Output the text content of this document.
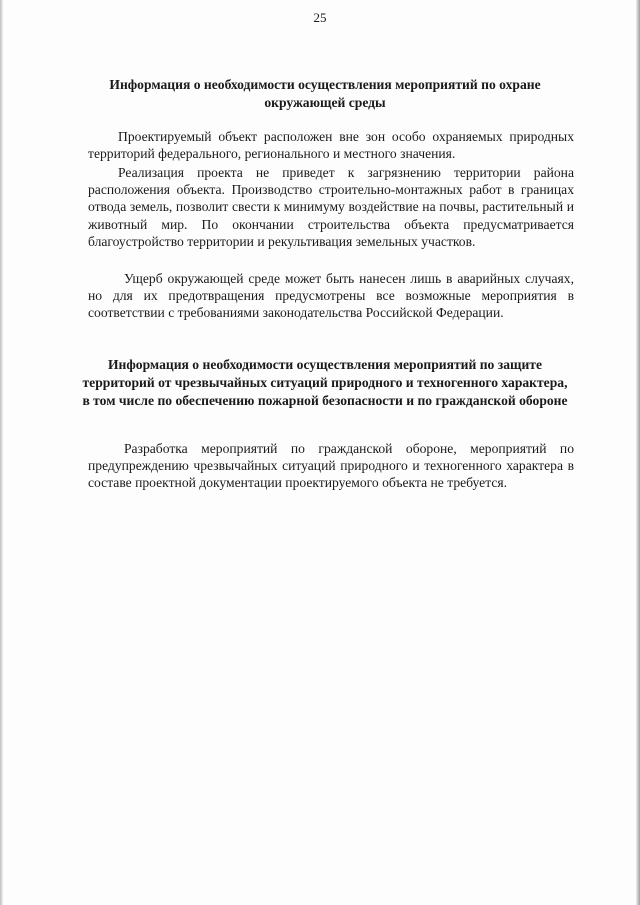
25
Информация о необходимости осуществления мероприятий по охране окружающей среды
Проектируемый объект расположен вне зон особо охраняемых природных территорий федерального, регионального и местного значения.
Реализация проекта не приведет к загрязнению территории района расположения объекта. Производство строительно-монтажных работ в границах отвода земель, позволит свести к минимуму воздействие на почвы, растительный и животный мир. По окончании строительства объекта предусматривается благоустройство территории и рекультивация земельных участков.
Ущерб окружающей среде может быть нанесен лишь в аварийных случаях, но для их предотвращения предусмотрены все возможные мероприятия в соответствии с требованиями законодательства Российской Федерации.
Информация о необходимости осуществления мероприятий по защите территорий от чрезвычайных ситуаций природного и техногенного характера, в том числе по обеспечению пожарной безопасности и по гражданской обороне
Разработка мероприятий по гражданской обороне, мероприятий по предупреждению чрезвычайных ситуаций природного и техногенного характера в составе проектной документации проектируемого объекта не требуется.
